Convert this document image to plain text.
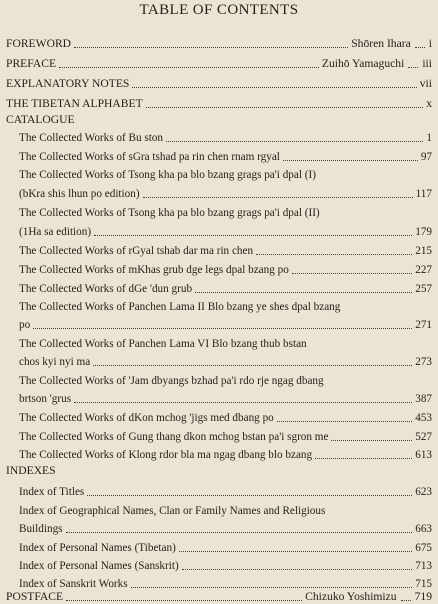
TABLE OF CONTENTS
FOREWORD	Shōren Ihara i
PREFACE	Zuihō Yamaguchi iii
EXPLANATORY NOTES	vii
THE TIBETAN ALPHABET	x
CATALOGUE
The Collected Works of Bu ston	1
The Collected Works of sGra tshad pa rin chen rnam rgyal	97
The Collected Works of Tsong kha pa blo bzang grags pa'i dpal (I)
(bKra shis lhun po edition)	117
The Collected Works of Tsong kha pa blo bzang grags pa'i dpal (II)
(1Ha sa edition)	179
The Collected Works of rGyal tshab dar ma rin chen	215
The Collected Works of mKhas grub dge legs dpal bzang po	227
The Collected Works of dGe 'dun grub	257
The Collected Works of Panchen Lama II Blo bzang ye shes dpal bzang
po	271
The Collected Works of Panchen Lama VI Blo bzang thub bstan
chos kyi nyi ma	273
The Collected Works of 'Jam dbyangs bzhad pa'i rdo rje ngag dbang
brtson 'grus	387
The Collected Works of dKon mchog 'jigs med dbang po	453
The Collected Works of Gung thang dkon mchog bstan pa'i sgron me	527
The Collected Works of Klong rdor bla ma ngag dbang blo bzang	613
INDEXES
Index of Titles	623
Index of Geographical Names, Clan or Family Names and Religious
Buildings	663
Index of Personal Names (Tibetan)	675
Index of Personal Names (Sanskrit)	713
Index of Sanskrit Works	715
POSTFACE	Chizuko Yoshimizu 719
